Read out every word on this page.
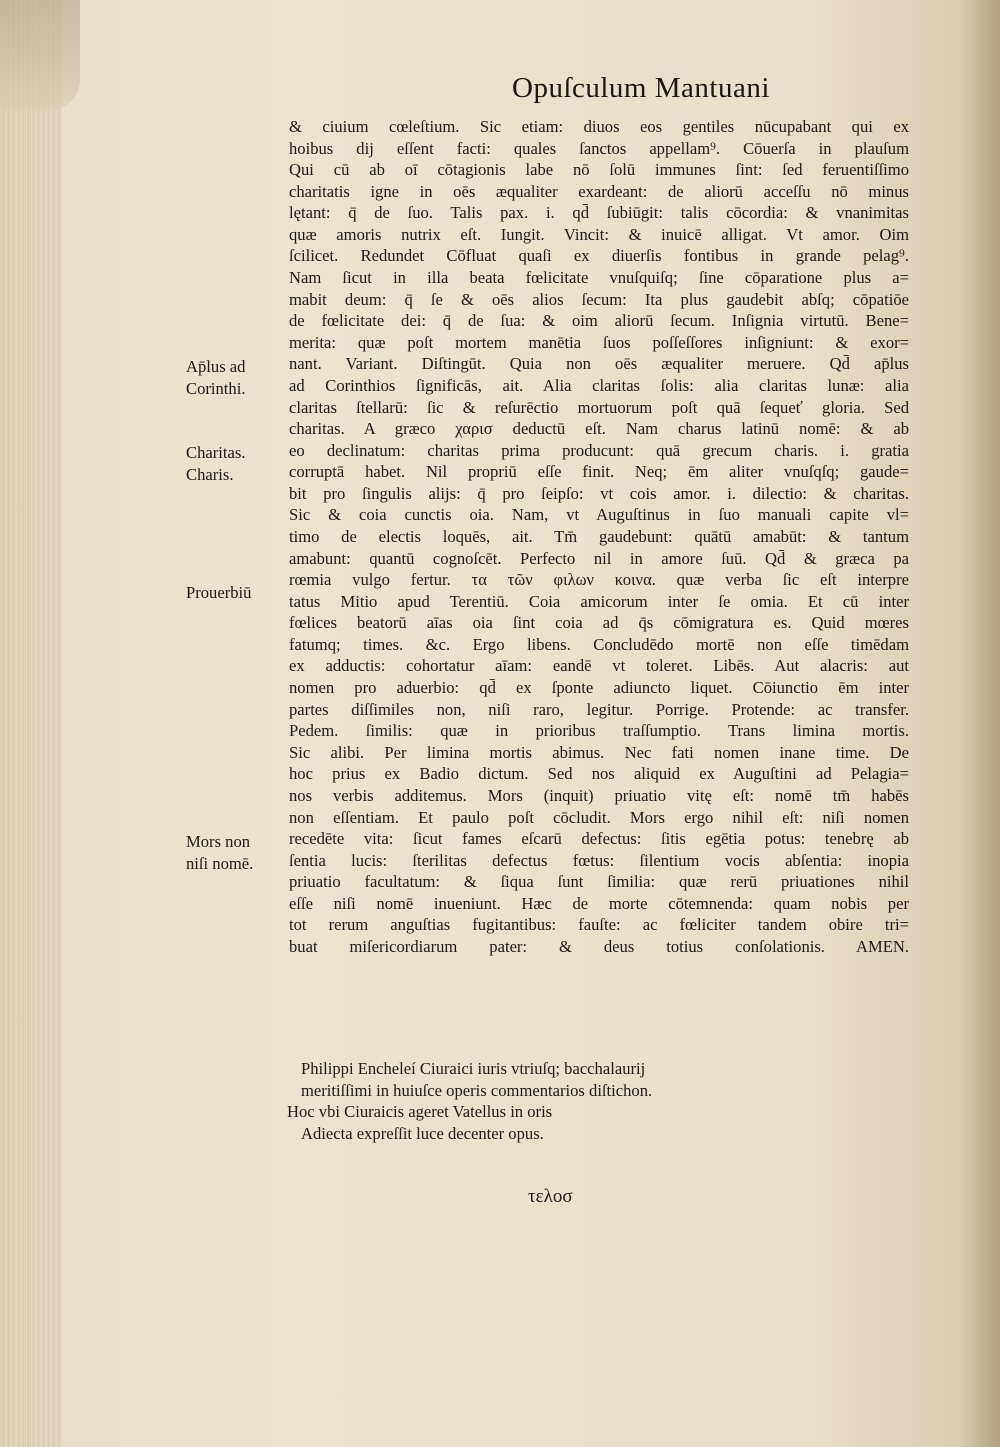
Opuſculum Mantuani
& ciuium cœleſtium. Sic etiam: diuos eos gentiles nūcupabant qui ex
hoibus dij eſſent facti: quales ſanctos appellam⁹. Cōuerſa in plauſum
Qui cū ab oī cōtagionis labe nō ſolū immunes ſint: ſed feruentiſſimo
charitatis igne in oēs æqualiter exardeant: de aliorū acceſſu nō minus
lętant: q̄ de ſuo. Talis pax. i. qd̄ ſubiūgit: talis cōcordia: & vnanimitas
quæ amoris nutrix eſt. Iungit. Vincit: & inuicē alligat. Vt amor. Oim
ſcilicet. Redundet Cōfluat quaſi ex diuerſis fontibus in grande pelag⁹.
Nam ſicut in illa beata fœlicitate vnuſquiſq; ſine cōparatione plus a=
mabit deum: q̄ ſe & oēs alios ſecum: Ita plus gaudebit abſq; cōpatiōe
de fœlicitate dei: q̄ de ſua: & oim aliorū ſecum. Inſignia virtutū. Bene=
merita: quæ poſt mortem manētia ſuos poſſeſſores inſigniunt: & exor=
nant. Variant. Diſtingūt. Quia non oēs æqualiter meruere. Qd̄ ap̄lus
ad Corinthios ſignificās, ait. Alia claritas ſolis: alia claritas lunæ: alia
claritas ſtellarū: ſic & reſurēctio mortuorum poſt quā ſequeť gloria. Sed
charitas. A græco χαρισ deductū eſt. Nam charus latinū nomē: & ab
eo declinatum: charitas prima producunt: quā grecum charis. i. gratia
corruptā habet. Nil propriū eſſe finit. Neq; ēm aliter vnuſqſq; gaude=
bit pro ſingulis alijs: q̄ pro ſeipſo: vt cois amor. i. dilectio: & charitas.
Sic & coia cunctis oia. Nam, vt Auguſtinus in ſuo manuali capite vl=
timo de electis loquēs, ait. Tm̄ gaudebunt: quātū amabūt: & tantum
amabunt: quantū cognoſcēt. Perfecto nil in amore ſuū. Qd̄ & græca pa
rœmia vulgo fertur. τα τῶν φιλων κοινα. quæ verba ſic eſt interpre
tatus Mitio apud Terentiū. Coia amicorum inter ſe omia. Et cū inter
fœlices beatorū aīas oia ſint coia ad q̄s cōmigratura es. Quid mœres
fatumq; times. &c. Ergo libens. Concludēdo mortē non eſſe timēdam
ex adductis: cohortatur aīam: eandē vt toleret. Libēs. Aut alacris: aut
nomen pro aduerbio: qd̄ ex ſponte adiuncto liquet. Cōiunctio ēm inter
partes diſſimiles non, niſi raro, legitur. Porrige. Protende: ac transfer.
Pedem. ſimilis: quæ in prioribus traſſumptio. Trans limina mortis.
Sic alibi. Per limina mortis abimus. Nec fati nomen inane time. De
hoc prius ex Badio dictum. Sed nos aliquid ex Auguſtini ad Pelagia=
nos verbis additemus. Mors (inquit) priuatio vitę eſt: nomē tm̄ habēs
non eſſentiam. Et paulo poſt cōcludit. Mors ergo nihil eſt: niſi nomen
recedēte vita: ſicut fames eſcarū defectus: ſitis egētia potus: tenebrę ab
ſentia lucis: ſterilitas defectus fœtus: ſilentium vocis abſentia: inopia
priuatio facultatum: & ſiqua ſunt ſimilia: quæ rerū priuationes nihil
eſſe niſi nomē inueniunt. Hæc de morte cōtemnenda: quam nobis per
tot rerum anguſtias fugitantibus: fauſte: ac fœliciter tandem obire tri=
buat miſericordiarum pater: & deus totius conſolationis. AMEN.
Ap̄lus ad
Corinthi.
Charitas.
Charis.
Prouerbiū
Mors non
niſi nomē.
Philippi Encheleí Ciuraici iuris vtriuſq; bacchalaurij
meritiſſimi in huiuſce operis commentarios diſtichon.
Hoc vbi Ciuraicis ageret Vatellus in oris
Adiecta expreſſit luce decenter opus.
τελοσ
